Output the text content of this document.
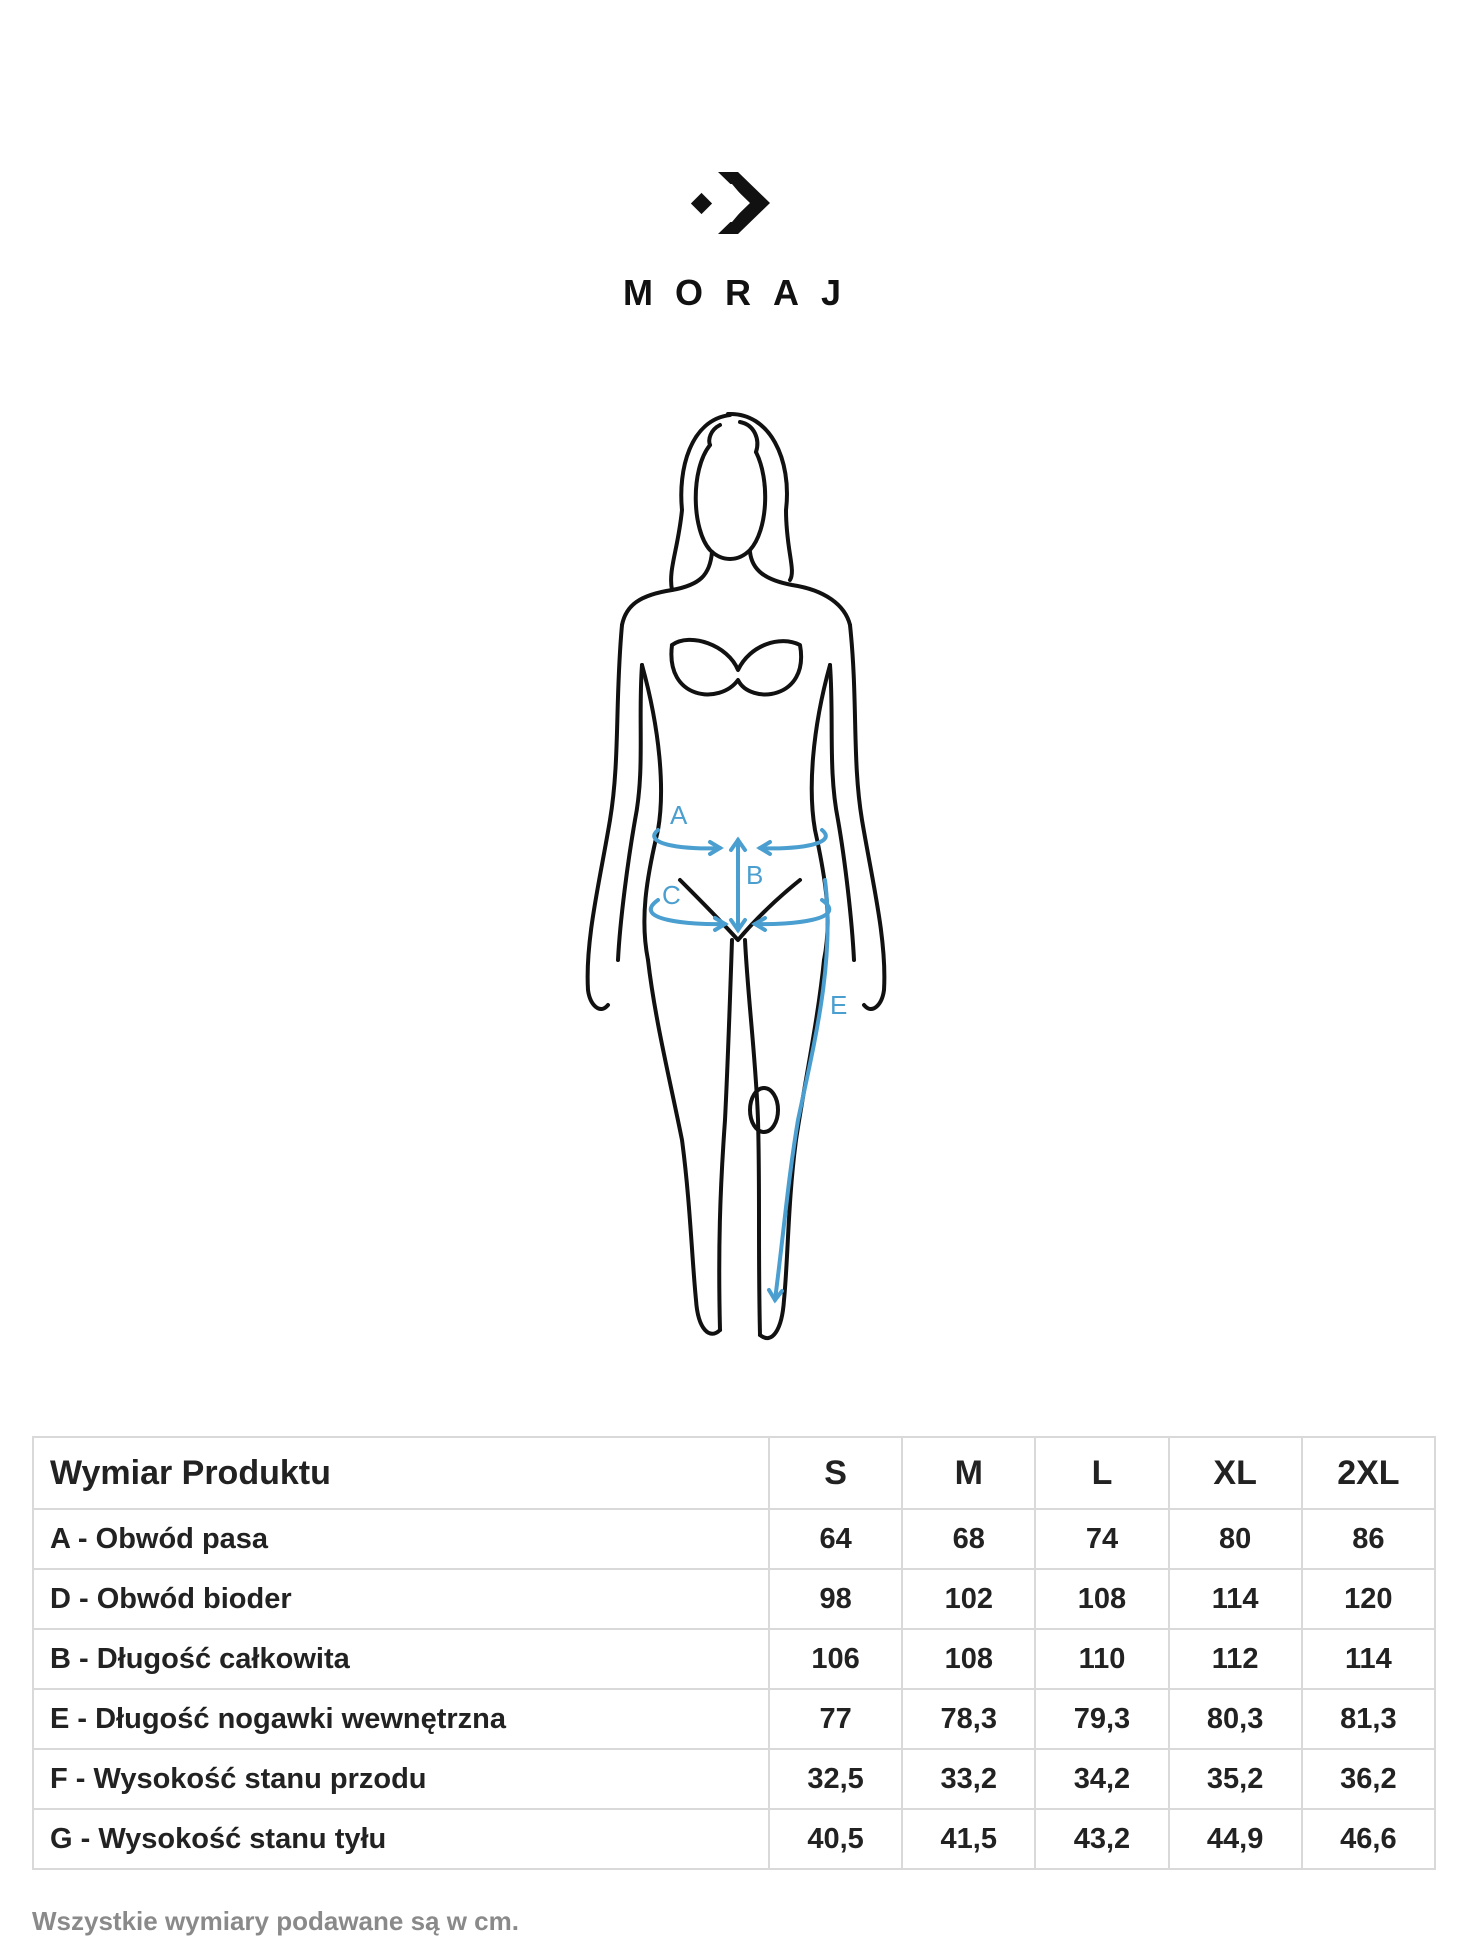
MORAJ
A
B
C
E
Wymiar Produktu	S	M	L	XL	2XL
A - Obwód pasa	64	68	74	80	86
D - Obwód bioder	98	102	108	114	120
B - Długość całkowita	106	108	110	112	114
E - Długość nogawki wewnętrzna	77	78,3	79,3	80,3	81,3
F - Wysokość stanu przodu	32,5	33,2	34,2	35,2	36,2
G - Wysokość stanu tyłu	40,5	41,5	43,2	44,9	46,6
Wszystkie wymiary podawane są w cm.
